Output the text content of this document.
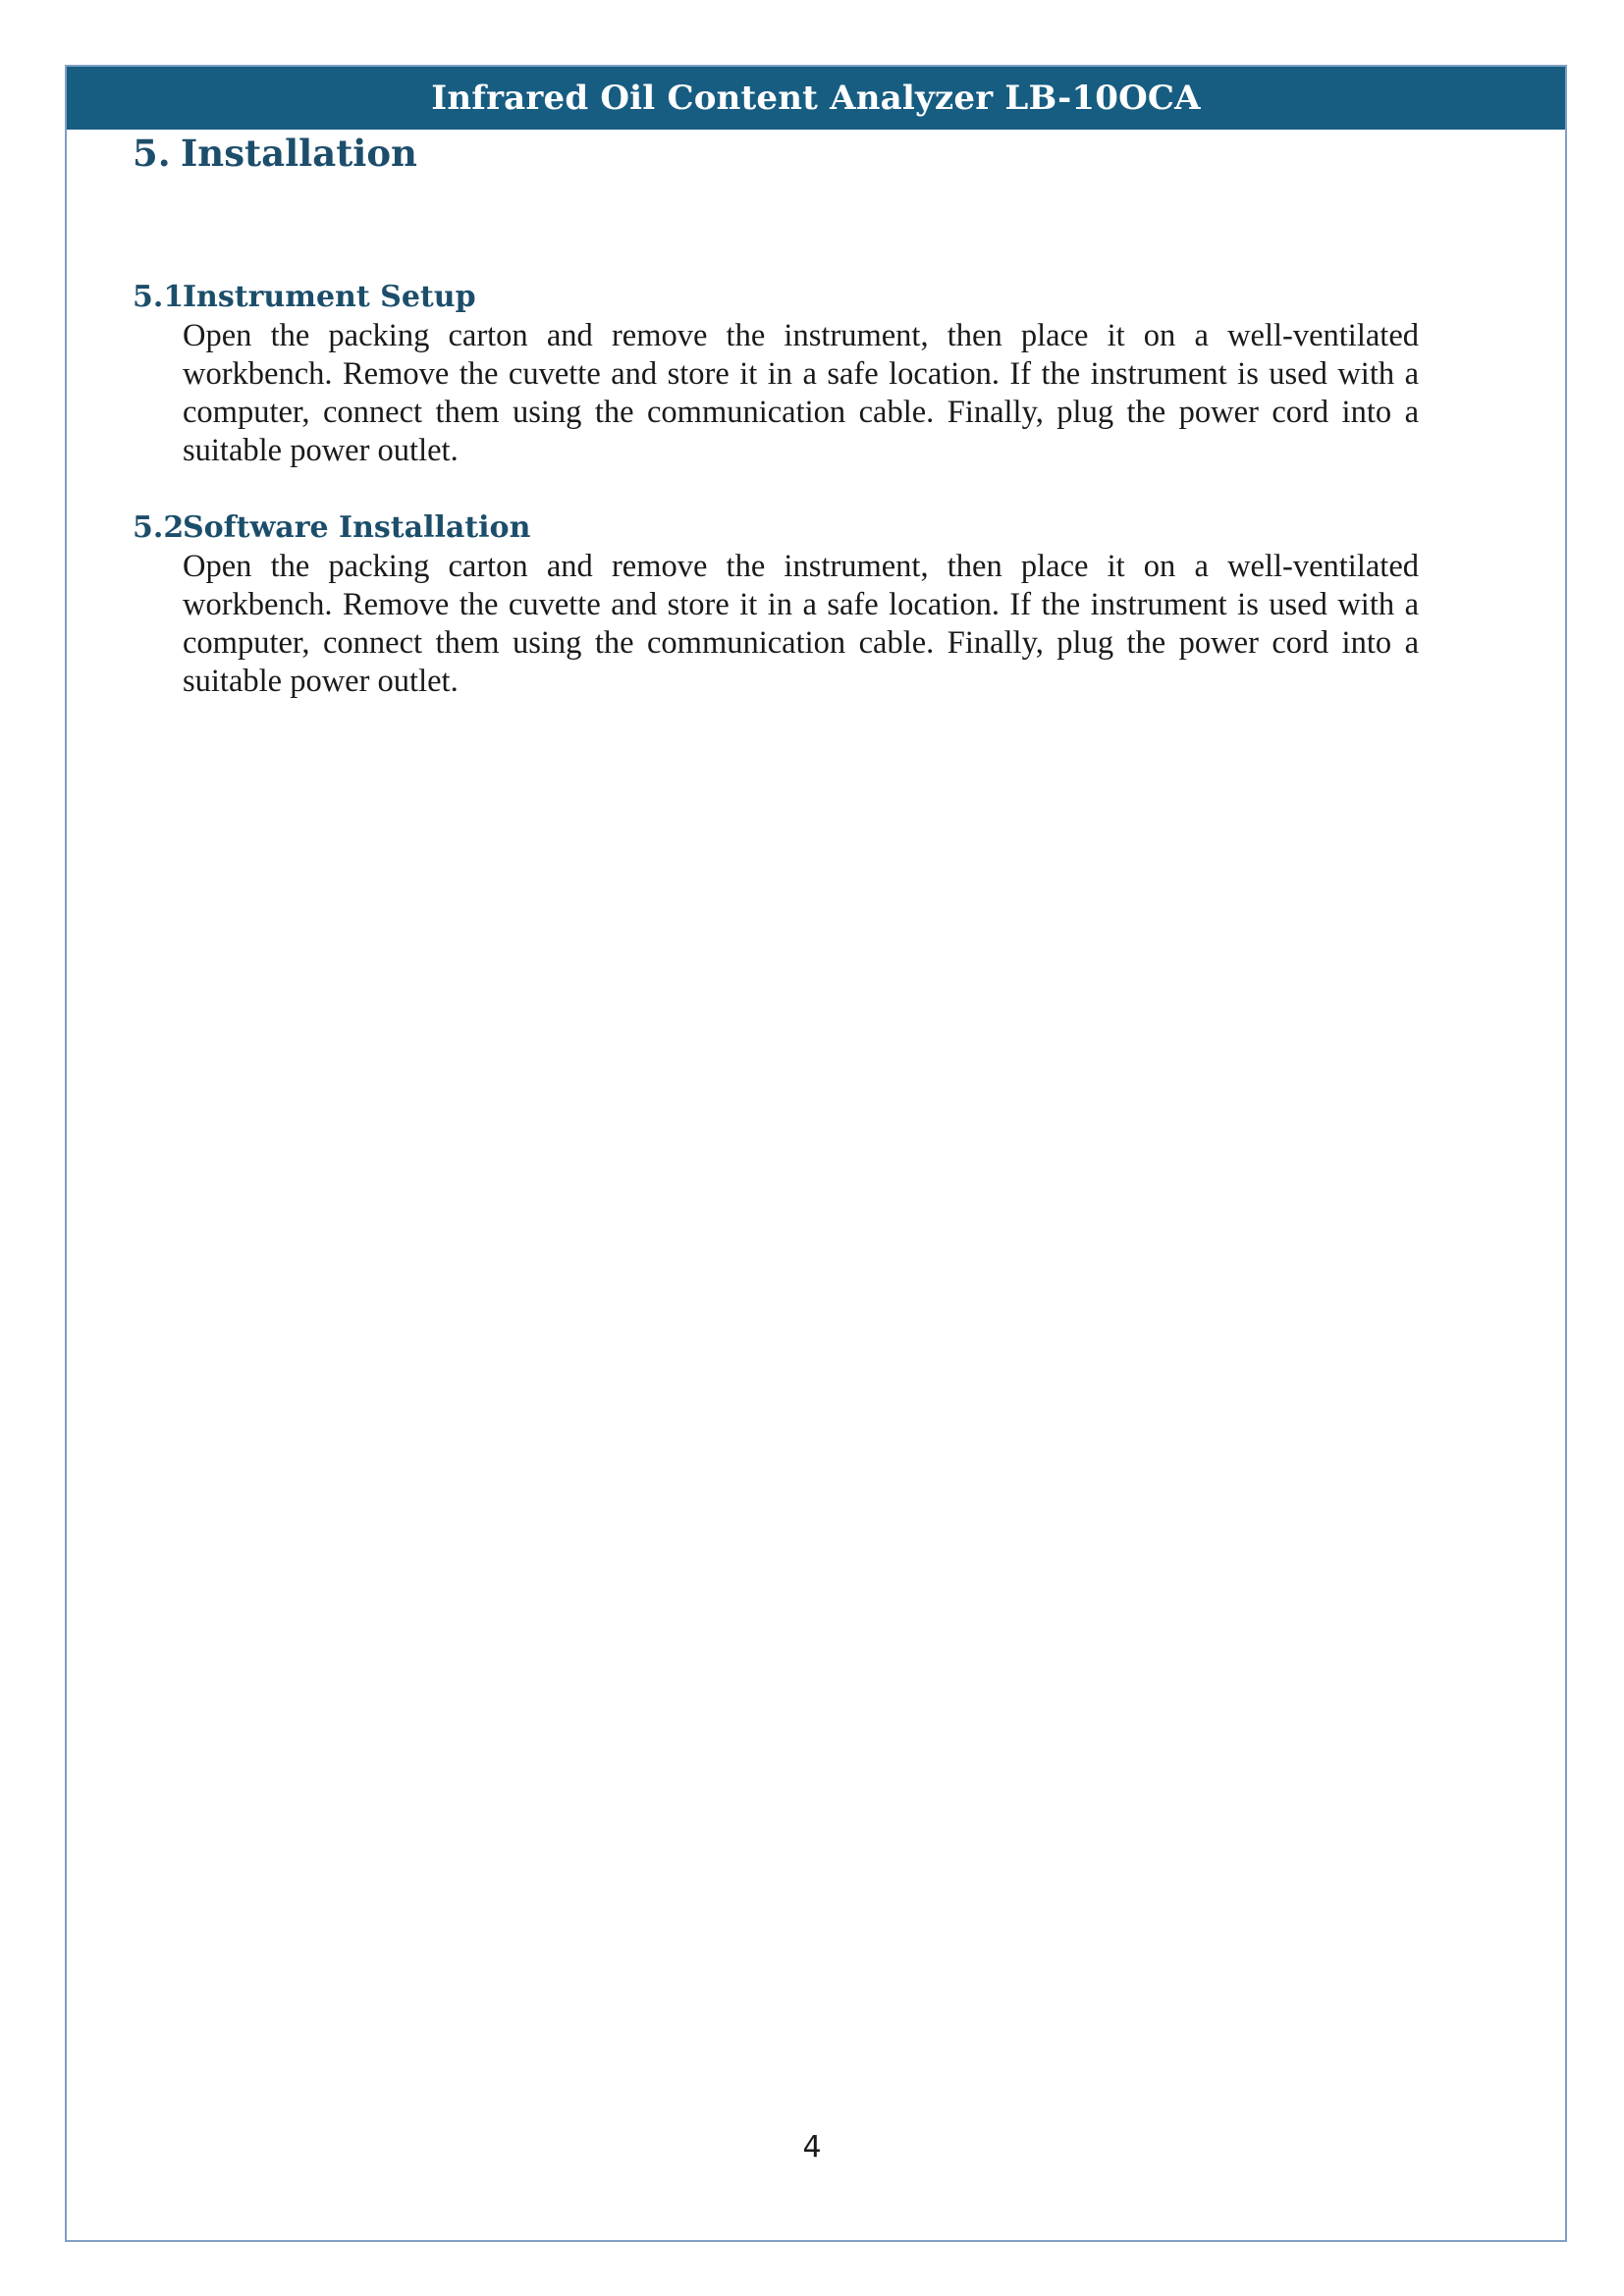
Infrared Oil Content Analyzer LB-10OCA
5. Installation
5.1Instrument Setup

Open the packing carton and remove the instrument, then place it on a well-ventilated workbench. Remove the cuvette and store it in a safe location. If the instrument is used with a computer, connect them using the communication cable. Finally, plug the power cord into a suitable power outlet.

5.2Software Installation

Open the packing carton and remove the instrument, then place it on a well-ventilated workbench. Remove the cuvette and store it in a safe location. If the instrument is used with a computer, connect them using the communication cable. Finally, plug the power cord into a suitable power outlet.

4
